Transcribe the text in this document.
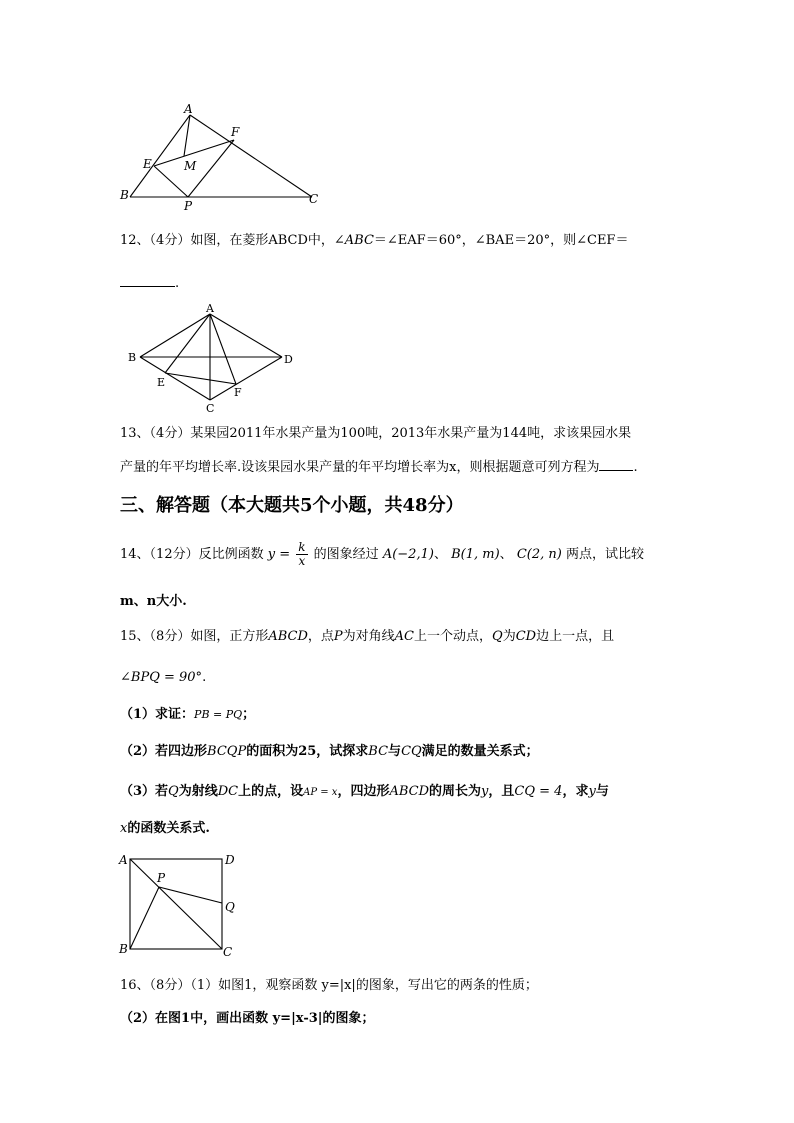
A
F
E	M
B
P	C
12、（4分）如图，在菱形ABCD中，∠ABC＝∠EAF＝60°，∠BAE＝20°，则∠CEF＝
.
A
B	D
E
F
C
13、（4分）某果园2011年水果产量为100吨，2013年水果产量为144吨，求该果园水果
产量的年平均增长率.设该果园水果产量的年平均增长率为x，则根据题意可列方程为	.
三、解答题（本大题共5个小题，共48分）
14、（12分）反比例函数 $y = \frac{k}{x}$ 的图象经过 A(−2,1)、 B(1, m)、 C(2, n) 两点，试比较
m、n大小.
15、（8分）如图，正方形ABCD，点P为对角线AC上一个动点，Q为CD边上一点，且
∠BPQ = 90°.
（1）求证：PB = PQ；
（2）若四边形BCQP的面积为25，试探求BC与CQ满足的数量关系式；
（3）若Q为射线DC上的点，设AP = x，四边形ABCD的周长为y，且CQ = 4，求y与
x的函数关系式.
A	D
P
Q
B	C
16、（8分）（1）如图1，观察函数 y=|x|的图象，写出它的两条的性质；
（2）在图1中，画出函数 y=|x-3|的图象；
